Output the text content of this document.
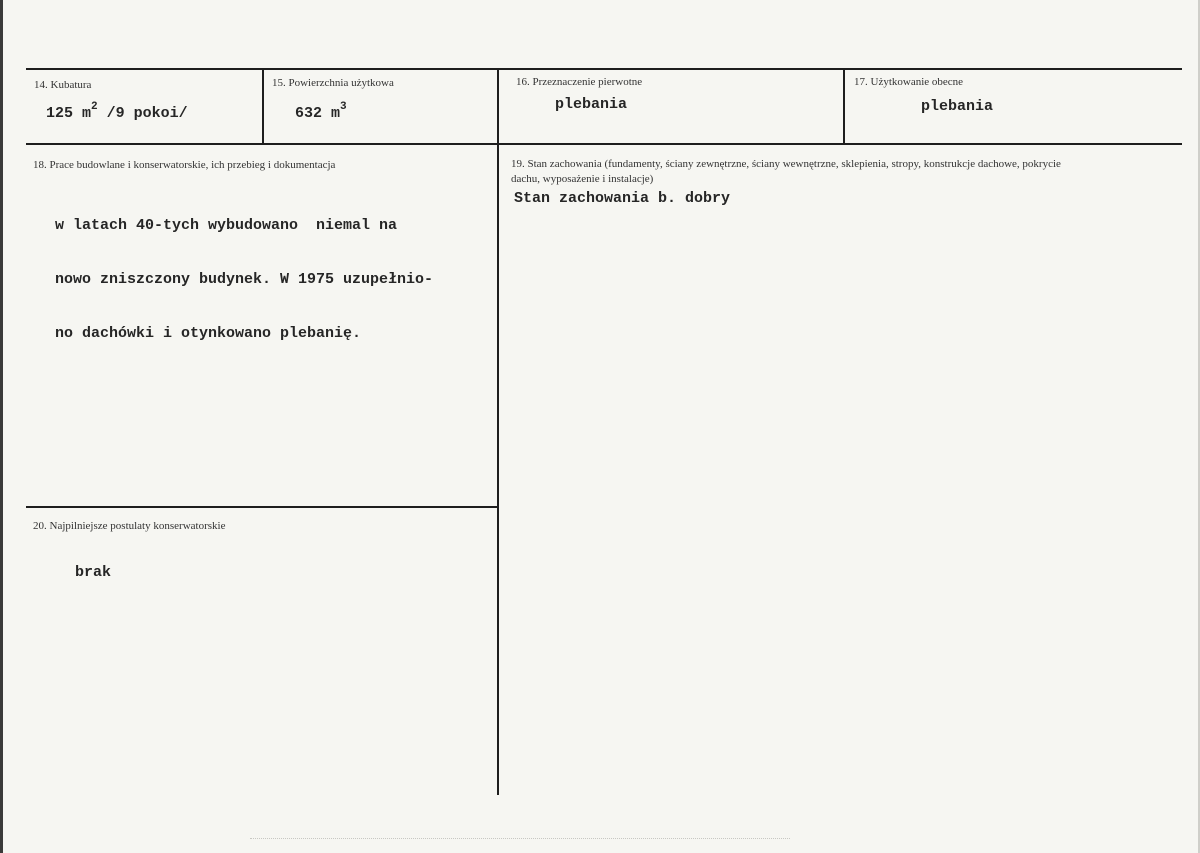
14. Kubatura
125 $m^2$ /9 pokoi/
15. Powierzchnia użytkowa
632 $m^3$
16. Przeznaczenie pierwotne
plebania
17. Użytkowanie obecne
plebania
18. Prace budowlane i konserwatorskie, ich przebieg i dokumentacja

w latach 40-tych wybudowano  niemal na

nowo zniszczony budynek. W 1975 uzupełnio-

no dachówki i otynkowano plebanię.

19. Stan zachowania (fundamenty, ściany zewnętrzne, ściany wewnętrzne, sklepienia, stropy, konstrukcje dachowe, pokrycie dachu, wyposażenie i instalacje)
Stan zachowania b. dobry
20. Najpilniejsze postulaty konserwatorskie
brak
